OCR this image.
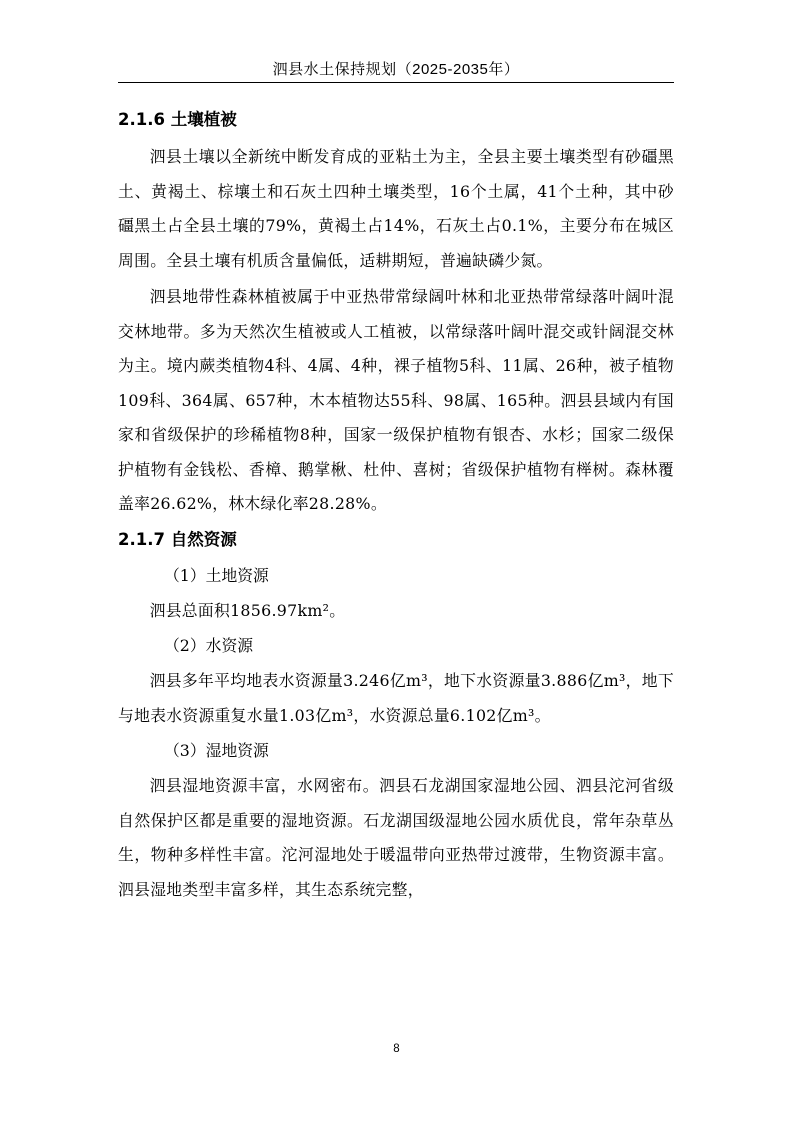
泗县水土保持规划（2025-2035年）
2.1.6 土壤植被

泗县土壤以全新统中断发育成的亚粘土为主，全县主要土壤类型有砂礓黑土、黄褐土、棕壤土和石灰土四种土壤类型，16个土属，41个土种，其中砂礓黑土占全县土壤的79%，黄褐土占14%，石灰土占0.1%，主要分布在城区周围。全县土壤有机质含量偏低，适耕期短，普遍缺磷少氮。

泗县地带性森林植被属于中亚热带常绿阔叶林和北亚热带常绿落叶阔叶混交林地带。多为天然次生植被或人工植被，以常绿落叶阔叶混交或针阔混交林为主。境内蕨类植物4科、4属、4种，裸子植物5科、11属、26种，被子植物109科、364属、657种，木本植物达55科、98属、165种。泗县县域内有国家和省级保护的珍稀植物8种，国家一级保护植物有银杏、水杉；国家二级保护植物有金钱松、香樟、鹅掌楸、杜仲、喜树；省级保护植物有榉树。森林覆盖率26.62%，林木绿化率28.28%。

2.1.7 自然资源

（1）土地资源

泗县总面积1856.97km²。

（2）水资源

泗县多年平均地表水资源量3.246亿m³，地下水资源量3.886亿m³，地下与地表水资源重复水量1.03亿m³，水资源总量6.102亿m³。

（3）湿地资源

泗县湿地资源丰富，水网密布。泗县石龙湖国家湿地公园、泗县沱河省级自然保护区都是重要的湿地资源。石龙湖国级湿地公园水质优良，常年杂草丛生，物种多样性丰富。沱河湿地处于暖温带向亚热带过渡带，生物资源丰富。泗县湿地类型丰富多样，其生态系统完整，

8
